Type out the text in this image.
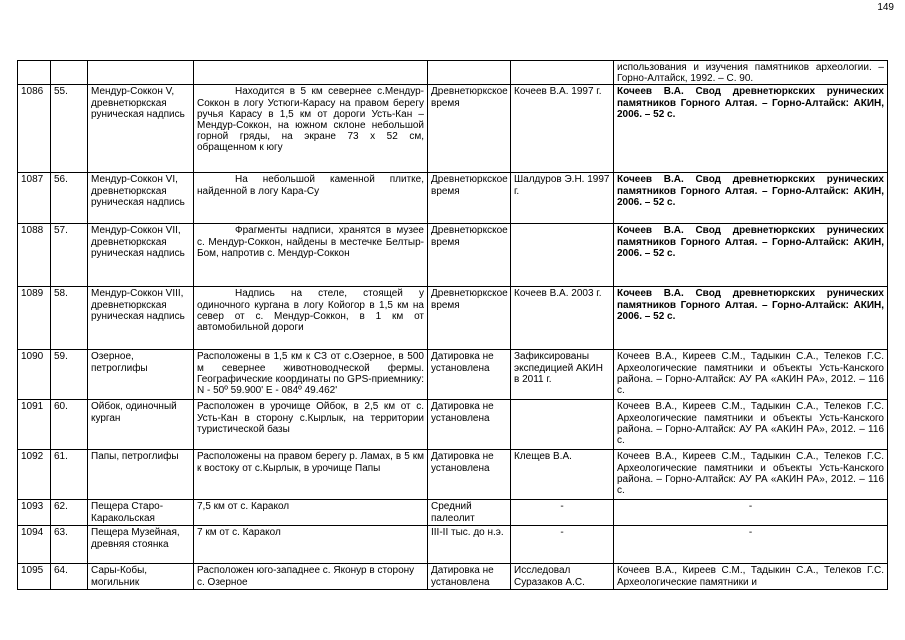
149
						использования и изучения памятников археологии. – Горно-Алтайск, 1992. – С. 90.
1086	55.	Мендур-Соккон V, древнетюркская руническая надпись	Находится в 5 км севернее с.Мендур-Соккон в логу Устюги-Карасу на правом берегу ручья Карасу в 1,5 км от дороги Усть-Кан – Мендур-Соккон, на южном склоне небольшой горной гряды, на экране 73 х 52 см, обращенном к югу	Древнетюркское время	Кочеев В.А. 1997 г.	Кочеев В.А. Свод древнетюркских рунических памятников Горного Алтая. – Горно-Алтайск: АКИН, 2006. – 52 с.
1087	56.	Мендур-Соккон VI, древнетюркская руническая надпись	На небольшой каменной плитке, найденной в логу Кара-Су	Древнетюркское время	Шалдуров Э.Н. 1997 г.	Кочеев В.А. Свод древнетюркских рунических памятников Горного Алтая. – Горно-Алтайск: АКИН, 2006. – 52 с.
1088	57.	Мендур-Соккон VII, древнетюркская руническая надпись	Фрагменты надписи, хранятся в музее с. Мендур-Соккон, найдены в местечке Белтыр-Бом, напротив с. Мендур-Соккон	Древнетюркское время		Кочеев В.А. Свод древнетюркских рунических памятников Горного Алтая. – Горно-Алтайск: АКИН, 2006. – 52 с.
1089	58.	Мендур-Соккон VIII, древнетюркская руническая надпись	Надпись на стеле, стоящей у одиночного кургана в логу Койогор в 1,5 км на север от с. Мендур-Соккон, в 1 км от автомобильной дороги	Древнетюркское время	Кочеев В.А. 2003 г.	Кочеев В.А. Свод древнетюркских рунических памятников Горного Алтая. – Горно-Алтайск: АКИН, 2006. – 52 с.
1090	59.	Озерное, петроглифы	Расположены в 1,5 км к СЗ от с.Озерное, в 500 м севернее животноводческой фермы. Географические координаты по GPS-приемнику: N - 50º 59.900' E - 084º 49.462'	Датировка не установлена	Зафиксированы экспедицией АКИН в 2011 г.	Кочеев В.А., Киреев С.М., Тадыкин С.А., Телеков Г.С. Археологические памятники и объекты Усть-Канского района. – Горно-Алтайск: АУ РА «АКИН РА», 2012. – 116 с.
1091	60.	Ойбок, одиночный курган	Расположен в урочище Ойбок, в 2,5 км от с. Усть-Кан в сторону с.Кырлык, на территории туристической базы	Датировка не установлена		Кочеев В.А., Киреев С.М., Тадыкин С.А., Телеков Г.С. Археологические памятники и объекты Усть-Канского района. – Горно-Алтайск: АУ РА «АКИН РА», 2012. – 116 с.
1092	61.	Папы, петроглифы	Расположены на правом берегу р. Ламах, в 5 км к востоку от с.Кырлык, в урочище Папы	Датировка не установлена	Клещев В.А.	Кочеев В.А., Киреев С.М., Тадыкин С.А., Телеков Г.С. Археологические памятники и объекты Усть-Канского района. – Горно-Алтайск: АУ РА «АКИН РА», 2012. – 116 с.
1093	62.	Пещера Старо-Каракольская	7,5 км от с. Каракол	Средний палеолит	-	-
1094	63.	Пещера Музейная, древняя стоянка	7 км от с. Каракол	III-II тыс. до н.э.	-	-
1095	64.	Сары-Кобы, могильник	Расположен юго-западнее с. Яконур в сторону с. Озерное	Датировка не установлена	Исследовал Суразаков А.С.	Кочеев В.А., Киреев С.М., Тадыкин С.А., Телеков Г.С. Археологические памятники и
